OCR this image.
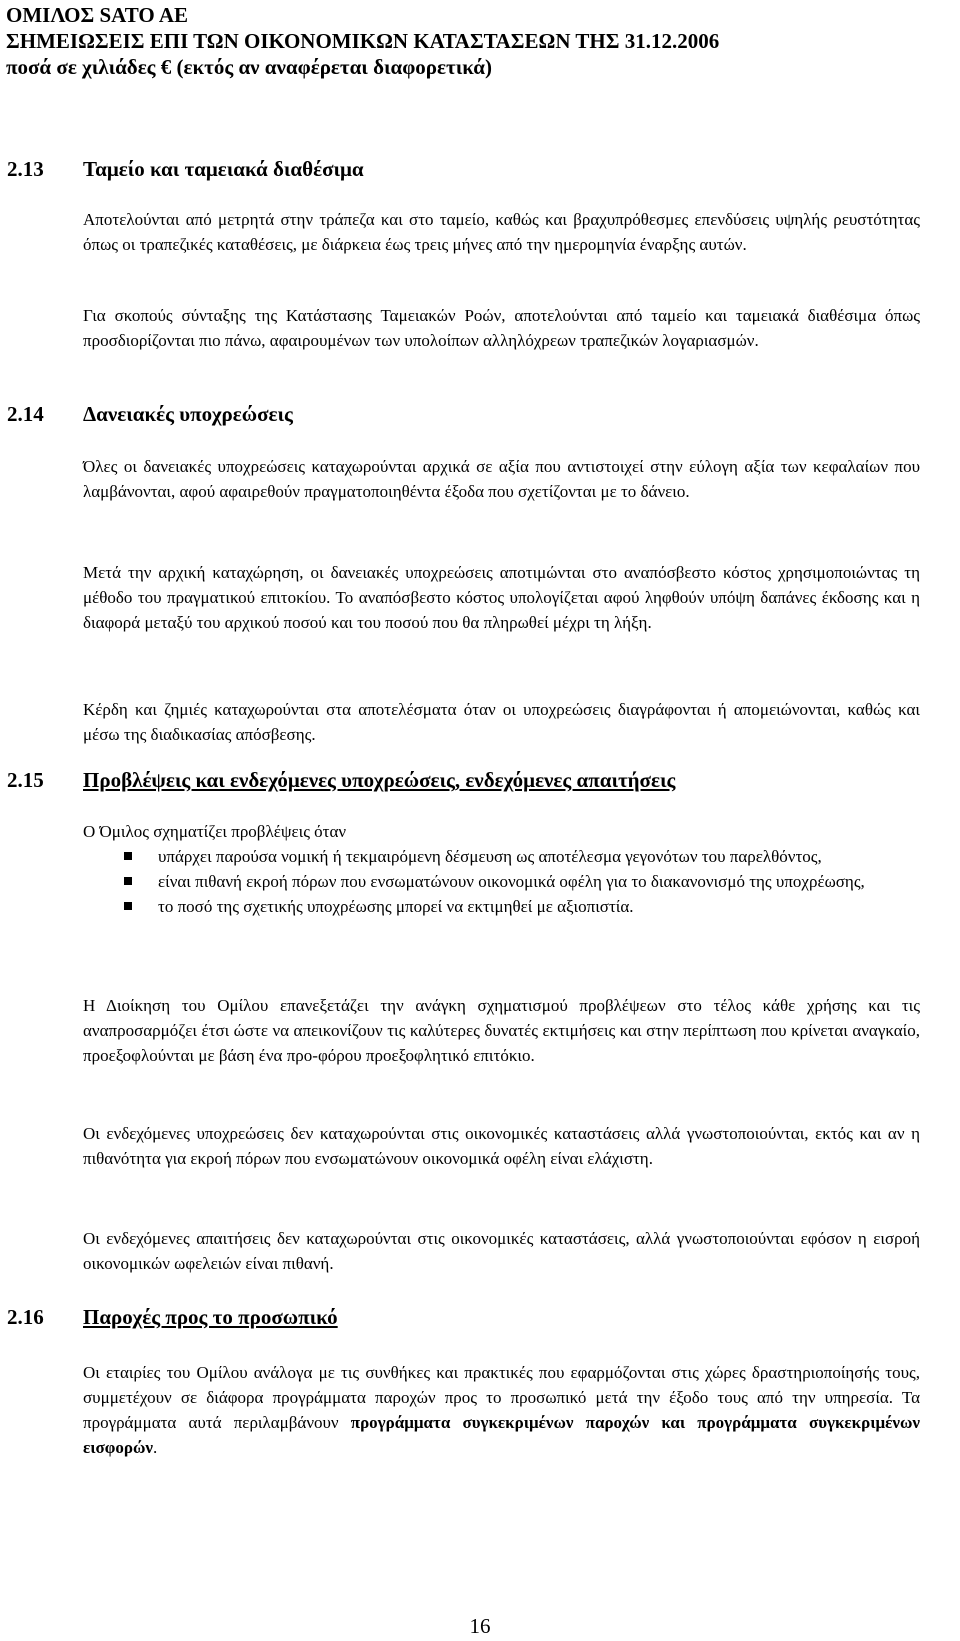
ΟΜΙΛΟΣ SATO AE
ΣΗΜΕΙΩΣΕΙΣ ΕΠΙ ΤΩΝ ΟΙΚΟΝΟΜΙΚΩΝ ΚΑΤΑΣΤΑΣΕΩΝ ΤΗΣ 31.12.2006
ποσά σε χιλιάδες € (εκτός αν αναφέρεται διαφορετικά)
2.13 Ταμείο και ταμειακά διαθέσιμα
Αποτελούνται από μετρητά στην τράπεζα και στο ταμείο, καθώς και βραχυπρόθεσμες επενδύσεις υψηλής ρευστότητας όπως οι τραπεζικές καταθέσεις, με διάρκεια έως τρεις μήνες από την ημερομηνία έναρξης αυτών.
Για σκοπούς σύνταξης της Κατάστασης Ταμειακών Ροών, αποτελούνται από ταμείο και ταμειακά διαθέσιμα όπως προσδιορίζονται πιο πάνω, αφαιρουμένων των υπολοίπων αλληλόχρεων τραπεζικών λογαριασμών.
2.14 Δανειακές υποχρεώσεις
Όλες οι δανειακές υποχρεώσεις καταχωρούνται αρχικά σε αξία που αντιστοιχεί στην εύλογη αξία των κεφαλαίων που λαμβάνονται, αφού αφαιρεθούν πραγματοποιηθέντα έξοδα που σχετίζονται με το δάνειο.
Μετά την αρχική καταχώρηση, οι δανειακές υποχρεώσεις αποτιμώνται στο αναπόσβεστο κόστος χρησιμοποιώντας τη μέθοδο του πραγματικού επιτοκίου. Το αναπόσβεστο κόστος υπολογίζεται αφού ληφθούν υπόψη δαπάνες έκδοσης και η διαφορά μεταξύ του αρχικού ποσού και του ποσού που θα πληρωθεί μέχρι τη λήξη.
Κέρδη και ζημιές καταχωρούνται στα αποτελέσματα όταν οι υποχρεώσεις διαγράφονται ή απομειώνονται, καθώς και μέσω της διαδικασίας απόσβεσης.
2.15 Προβλέψεις και ενδεχόμενες υποχρεώσεις, ενδεχόμενες απαιτήσεις
Ο Όμιλος σχηματίζει προβλέψεις όταν
υπάρχει παρούσα νομική ή τεκμαιρόμενη δέσμευση ως αποτέλεσμα γεγονότων του παρελθόντος,
είναι πιθανή εκροή πόρων που ενσωματώνουν οικονομικά οφέλη για το διακανονισμό της υποχρέωσης,
το ποσό της σχετικής υποχρέωσης μπορεί να εκτιμηθεί με αξιοπιστία.
Η Διοίκηση του Ομίλου επανεξετάζει την ανάγκη σχηματισμού προβλέψεων στο τέλος κάθε χρήσης και τις αναπροσαρμόζει έτσι ώστε να απεικονίζουν τις καλύτερες δυνατές εκτιμήσεις και στην περίπτωση που κρίνεται αναγκαίο, προεξοφλούνται με βάση ένα προ-φόρου προεξοφλητικό επιτόκιο.
Οι ενδεχόμενες υποχρεώσεις δεν καταχωρούνται στις οικονομικές καταστάσεις αλλά γνωστοποιούνται, εκτός και αν η πιθανότητα για εκροή πόρων που ενσωματώνουν οικονομικά οφέλη είναι ελάχιστη.
Οι ενδεχόμενες απαιτήσεις δεν καταχωρούνται στις οικονομικές καταστάσεις, αλλά γνωστοποιούνται εφόσον η εισροή οικονομικών ωφελειών είναι πιθανή.
2.16 Παροχές προς το προσωπικό
Οι εταιρίες του Ομίλου ανάλογα με τις συνθήκες και πρακτικές που εφαρμόζονται στις χώρες δραστηριοποίησής τους, συμμετέχουν σε διάφορα προγράμματα παροχών προς το προσωπικό μετά την έξοδο τους από την υπηρεσία. Τα προγράμματα αυτά περιλαμβάνουν προγράμματα συγκεκριμένων παροχών και προγράμματα συγκεκριμένων εισφορών.
16
